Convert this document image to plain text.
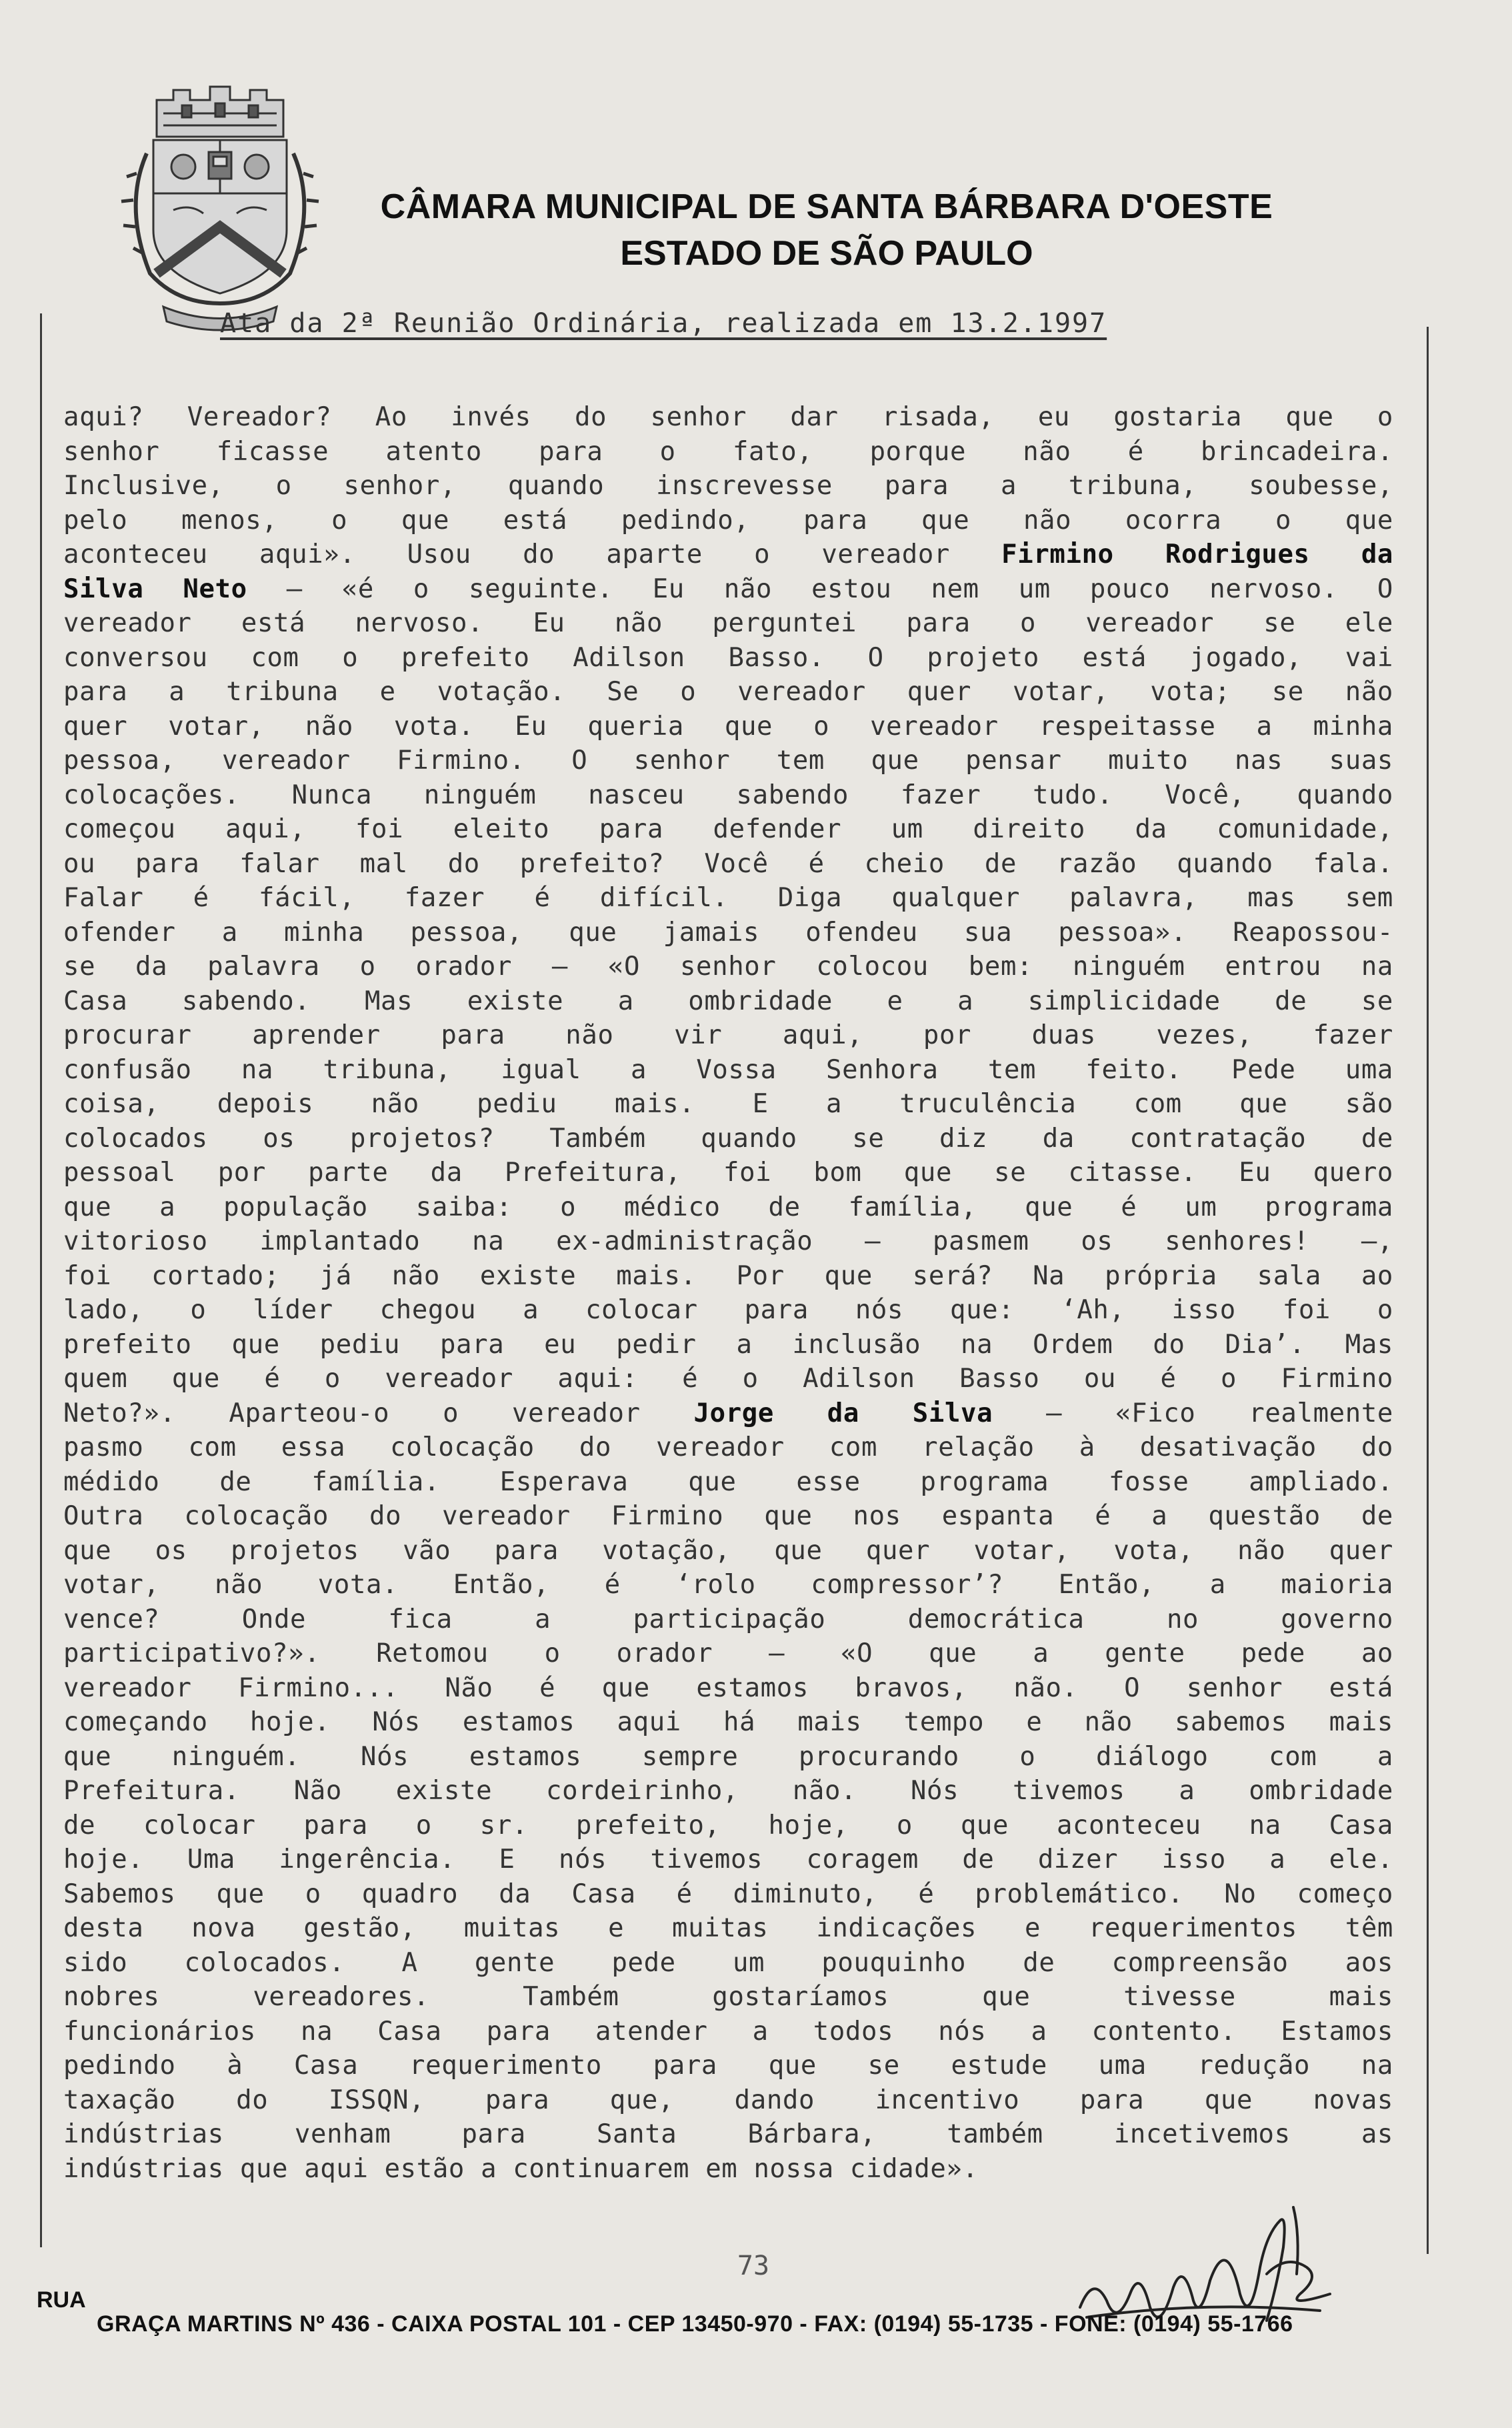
CÂMARA MUNICIPAL DE SANTA BÁRBARA D'OESTE
ESTADO DE SÃO PAULO
Ata da 2ª Reunião Ordinária, realizada em 13.2.1997
aqui? Vereador? Ao invés do senhor dar risada, eu gostaria que o
senhor ficasse atento para o fato, porque não é brincadeira.
Inclusive, o senhor, quando inscrevesse para a tribuna, soubesse,
pelo menos, o que está pedindo, para que não ocorra o que
aconteceu aqui». Usou do aparte o vereador Firmino Rodrigues da
Silva Neto – «é o seguinte. Eu não estou nem um pouco nervoso. O
vereador está nervoso. Eu não perguntei para o vereador se ele
conversou com o prefeito Adilson Basso. O projeto está jogado, vai
para a tribuna e votação. Se o vereador quer votar, vota; se não
quer votar, não vota. Eu queria que o vereador respeitasse a minha
pessoa, vereador Firmino. O senhor tem que pensar muito nas suas
colocações. Nunca ninguém nasceu sabendo fazer tudo. Você, quando
começou aqui, foi eleito para defender um direito da comunidade,
ou para falar mal do prefeito? Você é cheio de razão quando fala.
Falar é fácil, fazer é difícil. Diga qualquer palavra, mas sem
ofender a minha pessoa, que jamais ofendeu sua pessoa». Reapossou-
se da palavra o orador – «O senhor colocou bem: ninguém entrou na
Casa sabendo. Mas existe a ombridade e a simplicidade de se
procurar aprender para não vir aqui, por duas vezes, fazer
confusão na tribuna, igual a Vossa Senhora tem feito. Pede uma
coisa, depois não pediu mais. E a truculência com que são
colocados os projetos? Também quando se diz da contratação de
pessoal por parte da Prefeitura, foi bom que se citasse. Eu quero
que a população saiba: o médico de família, que é um programa
vitorioso implantado na ex-administração – pasmem os senhores! –,
foi cortado; já não existe mais. Por que será? Na própria sala ao
lado, o líder chegou a colocar para nós que: ‘Ah, isso foi o
prefeito que pediu para eu pedir a inclusão na Ordem do Dia’. Mas
quem que é o vereador aqui: é o Adilson Basso ou é o Firmino
Neto?». Aparteou-o o vereador Jorge da Silva – «Fico realmente
pasmo com essa colocação do vereador com relação à desativação do
médido de família. Esperava que esse programa fosse ampliado.
Outra colocação do vereador Firmino que nos espanta é a questão de
que os projetos vão para votação, que quer votar, vota, não quer
votar, não vota. Então, é ‘rolo compressor’? Então, a maioria
vence? Onde fica a participação democrática no governo
participativo?». Retomou o orador – «O que a gente pede ao
vereador Firmino... Não é que estamos bravos, não. O senhor está
começando hoje. Nós estamos aqui há mais tempo e não sabemos mais
que ninguém. Nós estamos sempre procurando o diálogo com a
Prefeitura. Não existe cordeirinho, não. Nós tivemos a ombridade
de colocar para o sr. prefeito, hoje, o que aconteceu na Casa
hoje. Uma ingerência. E nós tivemos coragem de dizer isso a ele.
Sabemos que o quadro da Casa é diminuto, é problemático. No começo
desta nova gestão, muitas e muitas indicações e requerimentos têm
sido colocados. A gente pede um pouquinho de compreensão aos
nobres vereadores. Também gostaríamos que tivesse mais
funcionários na Casa para atender a todos nós a contento. Estamos
pedindo à Casa requerimento para que se estude uma redução na
taxação do ISSQN, para que, dando incentivo para que novas
indústrias venham para Santa Bárbara, também incetivemos as
indústrias que aqui estão a continuarem em nossa cidade».
73
RUA
GRAÇA MARTINS Nº 436 - CAIXA POSTAL 101 - CEP 13450-970 - FAX: (0194) 55-1735 - FONE: (0194) 55-1766
